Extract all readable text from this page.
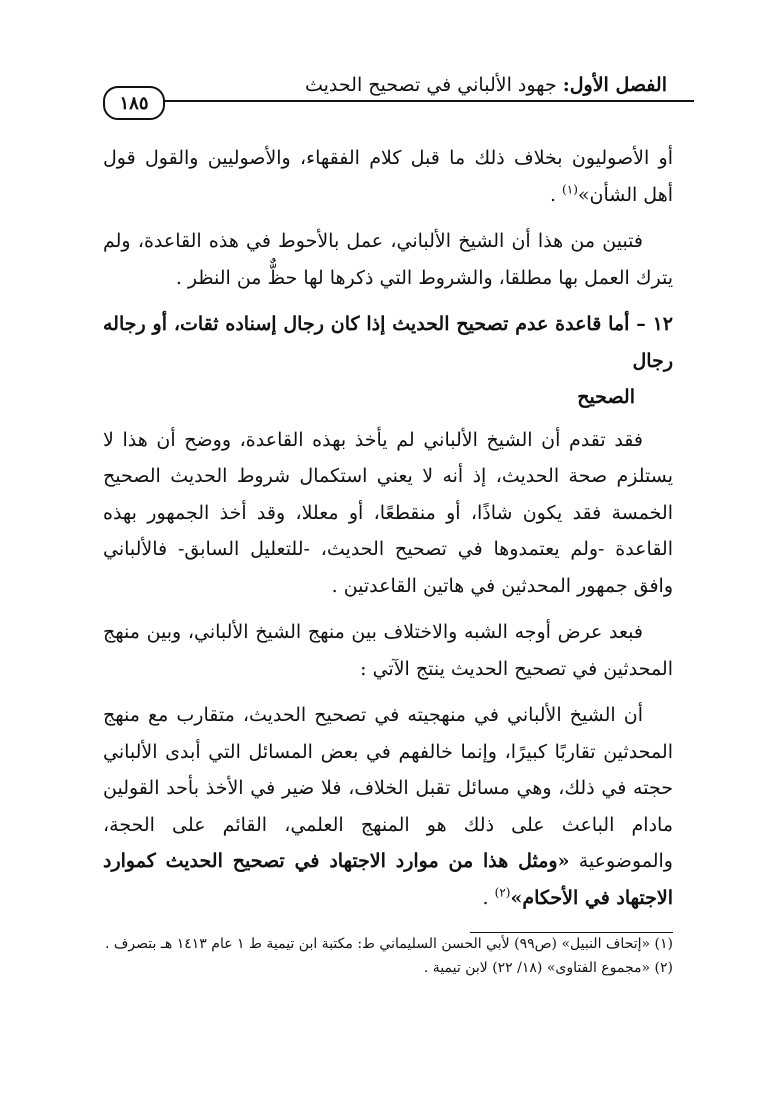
الفصل الأول: جهود الألباني في تصحيح الحديث
١٨٥

أو الأصوليون بخلاف ذلك ما قبل كلام الفقهاء، والأصوليين والقول قول أهل الشأن»$^{(١)}$ .

فتبين من هذا أن الشيخ الألباني، عمل بالأحوط في هذه القاعدة، ولم يترك العمل بها مطلقا، والشروط التي ذكرها لها حظٌّ من النظر .

١٢ – أما قاعدة عدم تصحيح الحديث إذا كان رجال إسناده ثقات، أو رجاله رجال
الصحيح

فقد تقدم أن الشيخ الألباني لم يأخذ بهذه القاعدة، ووضح أن هذا لا يستلزم صحة الحديث، إذ أنه لا يعني استكمال شروط الحديث الصحيح الخمسة فقد يكون شاذًا، أو منقطعًا، أو معللا، وقد أخذ الجمهور بهذه القاعدة -ولم يعتمدوها في تصحيح الحديث، -للتعليل السابق- فالألباني وافق جمهور المحدثين في هاتين القاعدتين .

فبعد عرض أوجه الشبه والاختلاف بين منهج الشيخ الألباني، وبين منهج المحدثين في تصحيح الحديث ينتج الآتي :

أن الشيخ الألباني في منهجيته في تصحيح الحديث، متقارب مع منهج المحدثين تقاربًا كبيرًا، وإنما خالفهم في بعض المسائل التي أبدى الألباني حجته في ذلك، وهي مسائل تقبل الخلاف، فلا ضير في الأخذ بأحد القولين مادام الباعث على ذلك هو المنهج العلمي، القائم على الحجة، والموضوعية «ومثل هذا من موارد الاجتهاد في تصحيح الحديث كموارد الاجتهاد في الأحكام»$^{(٢)}$ .

(١) «إتحاف النبيل» (ص٩٩) لأبي الحسن السليماني ط: مكتبة ابن تيمية ط ١ عام ١٤١٣ هـ بتصرف .
(٢) «مجموع الفتاوى» (١٨/ ٢٢) لابن تيمية .
